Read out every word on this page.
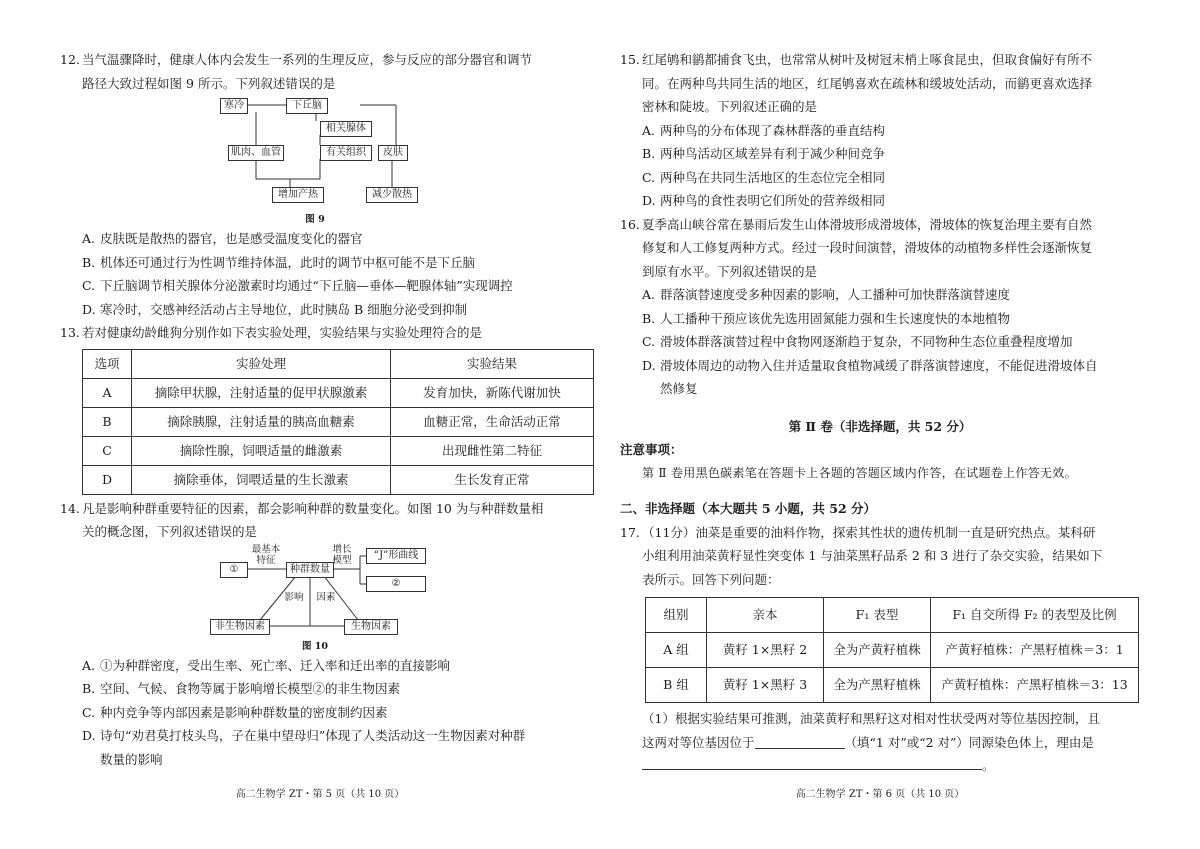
12. 当气温骤降时，健康人体内会发生一系列的生理反应，参与反应的部分器官和调节

路径大致过程如图 9 所示。下列叙述错误的是

寒冷	下丘脑
相关腺体
肌肉、血管	有关组织	皮肤
增加产热	减少散热
图 9

A. 皮肤既是散热的器官，也是感受温度变化的器官

B. 机体还可通过行为性调节维持体温，此时的调节中枢可能不是下丘脑

C. 下丘脑调节相关腺体分泌激素时均通过“下丘脑—垂体—靶腺体轴”实现调控

D. 寒冷时，交感神经活动占主导地位，此时胰岛 B 细胞分泌受到抑制

13. 若对健康幼龄雌狗分别作如下表实验处理，实验结果与实验处理符合的是

选项	实验处理	实验结果
A	摘除甲状腺，注射适量的促甲状腺激素	发育加快，新陈代谢加快
B	摘除胰腺，注射适量的胰高血糖素	血糖正常，生命活动正常
C	摘除性腺，饲喂适量的雌激素	出现雌性第二特征
D	摘除垂体，饲喂适量的生长激素	生长发育正常

14. 凡是影响种群重要特征的因素，都会影响种群的数量变化。如图 10 为与种群数量相

关的概念图，下列叙述错误的是

①
最基本
特征
种群数量
增长
模型	“J”形曲线
②
影响 因素
非生物因素	生物因素
图 10

A. ①为种群密度，受出生率、死亡率、迁入率和迁出率的直接影响

B. 空间、气候、食物等属于影响增长模型②的非生物因素

C. 种内竞争等内部因素是影响种群数量的密度制约因素

D. 诗句“劝君莫打枝头鸟，子在巢中望母归”体现了人类活动这一生物因素对种群

数量的影响

高二生物学 ZT・第 5 页（共 10 页）

15. 红尾鸲和鹟都捕食飞虫，也常常从树叶及树冠末梢上啄食昆虫，但取食偏好有所不

同。在两种鸟共同生活的地区，红尾鸲喜欢在疏林和缓坡处活动，而鹟更喜欢选择

密林和陡坡。下列叙述正确的是

A. 两种鸟的分布体现了森林群落的垂直结构

B. 两种鸟活动区域差异有利于减少种间竞争

C. 两种鸟在共同生活地区的生态位完全相同

D. 两种鸟的食性表明它们所处的营养级相同

16. 夏季高山峡谷常在暴雨后发生山体滑坡形成滑坡体，滑坡体的恢复治理主要有自然

修复和人工修复两种方式。经过一段时间演替，滑坡体的动植物多样性会逐渐恢复

到原有水平。下列叙述错误的是

A. 群落演替速度受多种因素的影响，人工播种可加快群落演替速度

B. 人工播种干预应该优先选用固氮能力强和生长速度快的本地植物

C. 滑坡体群落演替过程中食物网逐渐趋于复杂，不同物种生态位重叠程度增加

D. 滑坡体周边的动物入住并适量取食植物减缓了群落演替速度，不能促进滑坡体自

然修复

第 Ⅱ 卷（非选择题，共 52 分）

注意事项：

第 Ⅱ 卷用黑色碳素笔在答题卡上各题的答题区域内作答，在试题卷上作答无效。

二、非选择题（本大题共 5 小题，共 52 分）

17. （11分）油菜是重要的油料作物，探索其性状的遗传机制一直是研究热点。某科研

小组利用油菜黄籽显性突变体 1 与油菜黑籽品系 2 和 3 进行了杂交实验，结果如下

表所示。回答下列问题：

组别	亲本	F₁ 表型	F₁ 自交所得 F₂ 的表型及比例
A 组	黄籽 1×黑籽 2	全为产黄籽植株	产黄籽植株：产黑籽植株＝3：1
B 组	黄籽 1×黑籽 3	全为产黑籽植株	产黄籽植株：产黑籽植株＝3：13

（1）根据实验结果可推测，油菜黄籽和黑籽这对相对性状受两对等位基因控制，且

这两对等位基因位于	（填“1 对”或“2 对”）同源染色体上，理由是

。

高二生物学 ZT・第 6 页（共 10 页）
